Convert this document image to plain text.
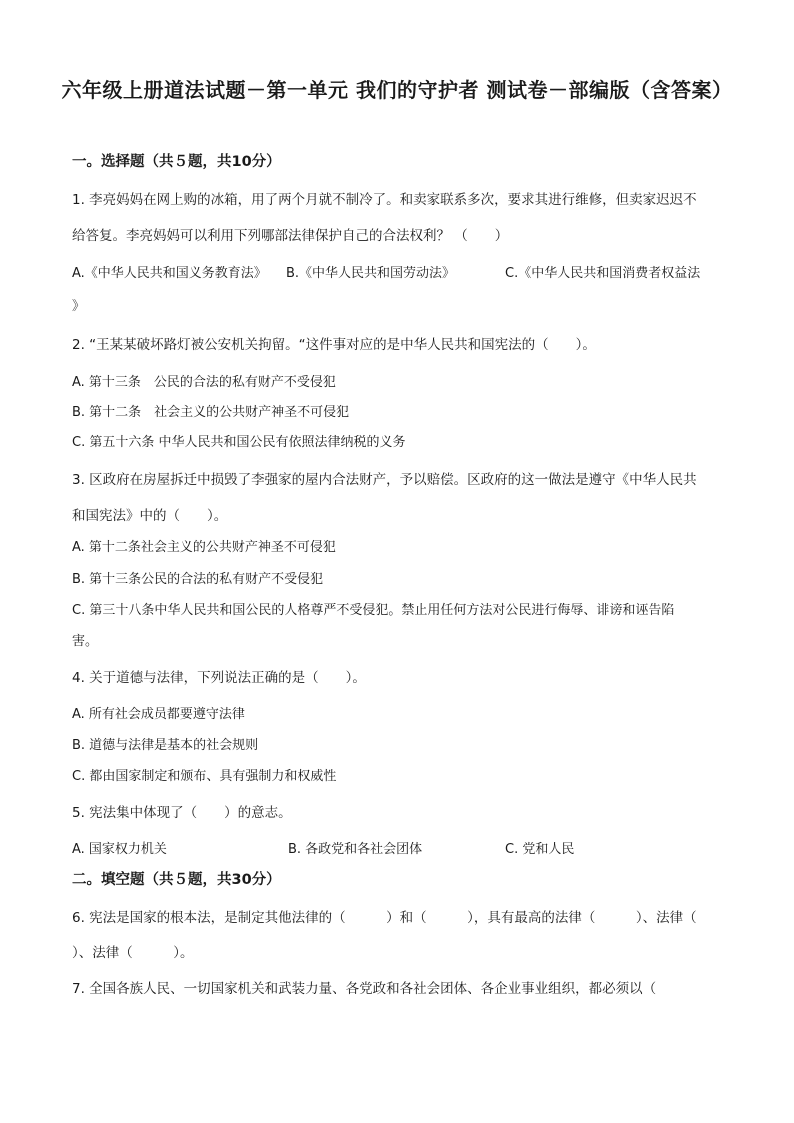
六年级上册道法试题－第一单元 我们的守护者 测试卷－部编版（含答案）
一。选择题（共５题，共10分）
1. 李亮妈妈在网上购的冰箱，用了两个月就不制冷了。和卖家联系多次，要求其进行维修，但卖家迟迟不
给答复。李亮妈妈可以利用下列哪部法律保护自己的合法权利？ （　　）
A.《中华人民共和国义务教育法》 B.《中华人民共和国劳动法》	C.《中华人民共和国消费者权益法
》
2. “王某某破坏路灯被公安机关拘留。“这件事对应的是中华人民共和国宪法的（　　）。
A. 第十三条　公民的合法的私有财产不受侵犯
B. 第十二条　社会主义的公共财产神圣不可侵犯
C. 第五十六条 中华人民共和国公民有依照法律纳税的义务
3. 区政府在房屋拆迁中损毁了李强家的屋内合法财产，予以赔偿。区政府的这一做法是遵守《中华人民共
和国宪法》中的（　　）。
A. 第十二条社会主义的公共财产神圣不可侵犯
B. 第十三条公民的合法的私有财产不受侵犯
C. 第三十八条中华人民共和国公民的人格尊严不受侵犯。禁止用任何方法对公民进行侮辱、诽谤和诬告陷
害。
4. 关于道德与法律，下列说法正确的是（　　）。
A. 所有社会成员都要遵守法律
B. 道德与法律是基本的社会规则
C. 都由国家制定和颁布、具有强制力和权威性
5. 宪法集中体现了（　　）的意志。
A. 国家权力机关	B. 各政党和各社会团体	C. 党和人民
二。填空题（共５题，共30分）
6. 宪法是国家的根本法，是制定其他法律的（　　　）和（　　　），具有最高的法律（　　　）、法律（
）、法律（　　　）。
7. 全国各族人民、一切国家机关和武装力量、各党政和各社会团体、各企业事业组织，都必须以（
